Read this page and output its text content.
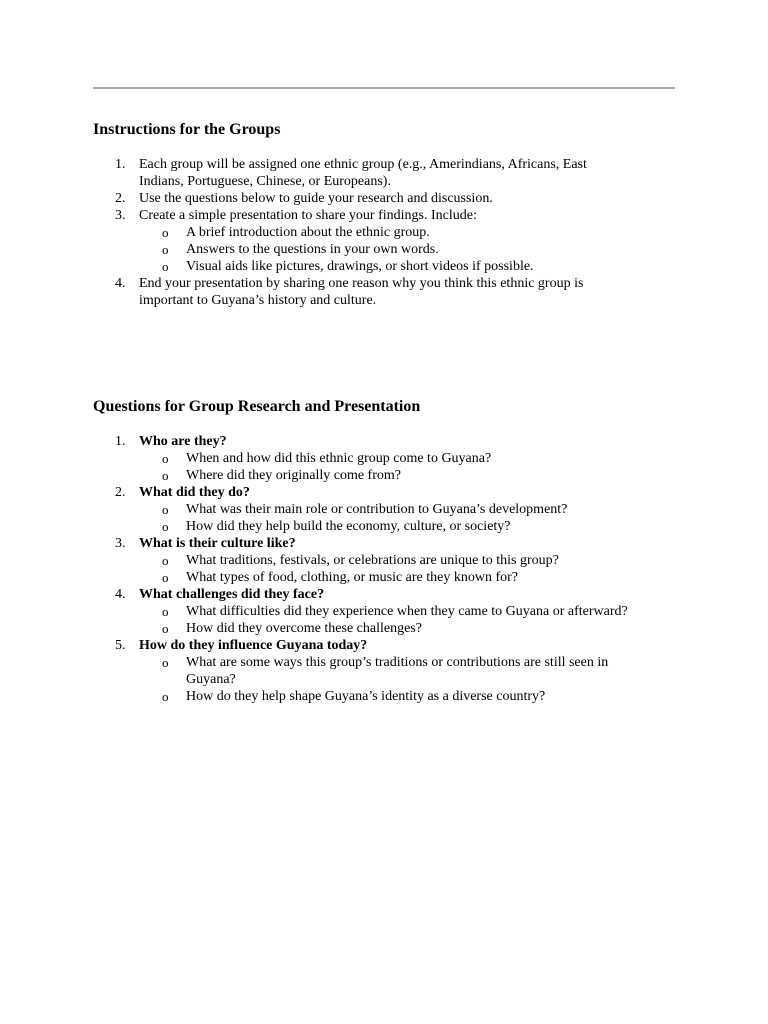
Instructions for the Groups
1. Each group will be assigned one ethnic group (e.g., Amerindians, Africans, East
Indians, Portuguese, Chinese, or Europeans).
2. Use the questions below to guide your research and discussion.
3. Create a simple presentation to share your findings. Include:
o A brief introduction about the ethnic group.
o Answers to the questions in your own words.
o Visual aids like pictures, drawings, or short videos if possible.
4. End your presentation by sharing one reason why you think this ethnic group is
important to Guyana’s history and culture.
Questions for Group Research and Presentation
1. Who are they?
o When and how did this ethnic group come to Guyana?
o Where did they originally come from?
2. What did they do?
o What was their main role or contribution to Guyana’s development?
o How did they help build the economy, culture, or society?
3. What is their culture like?
o What traditions, festivals, or celebrations are unique to this group?
o What types of food, clothing, or music are they known for?
4. What challenges did they face?
o What difficulties did they experience when they came to Guyana or afterward?
o How did they overcome these challenges?
5. How do they influence Guyana today?
o What are some ways this group’s traditions or contributions are still seen in
Guyana?
o How do they help shape Guyana’s identity as a diverse country?
